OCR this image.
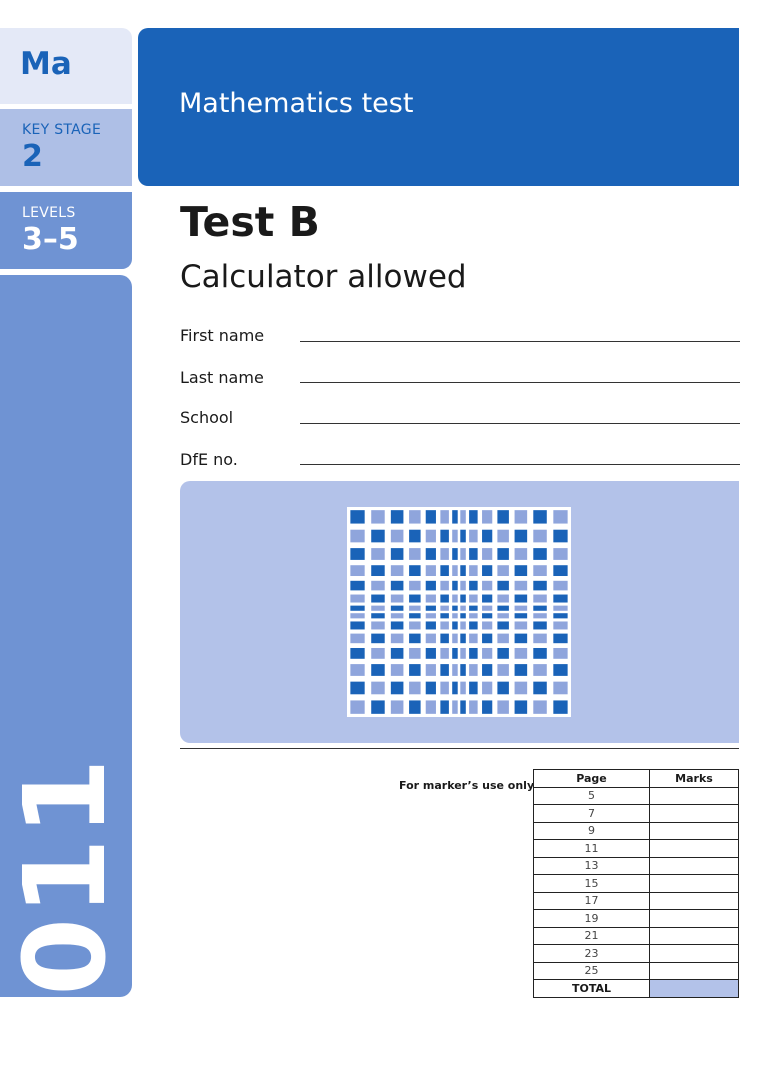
Ma
KEY STAGE
2
LEVELS
3–5
2011
Mathematics test
Test B
Calculator allowed
First name
Last name
School
DfE no.
For marker’s use only
Page	Marks
5	
7	
9	
11	
13	
15	
17	
19	
21	
23	
25	
TOTAL	
